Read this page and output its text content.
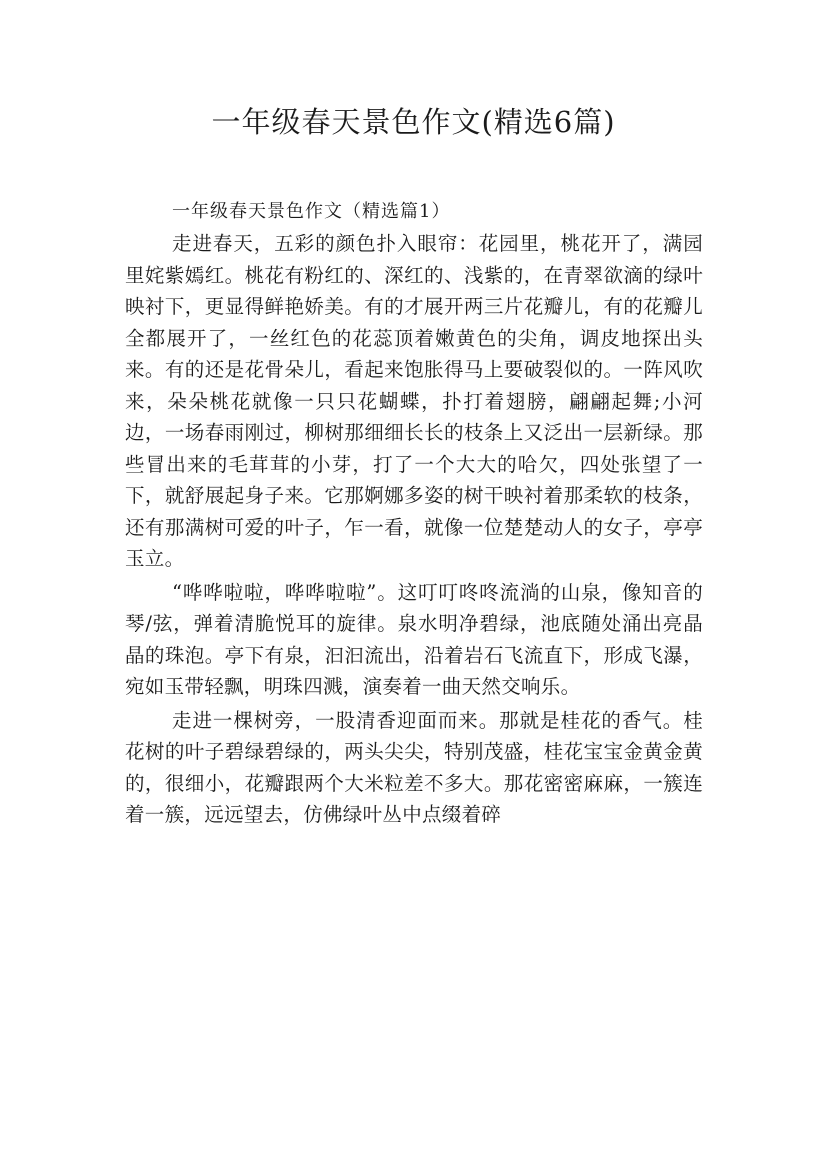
一年级春天景色作文(精选6篇)

一年级春天景色作文（精选篇1）

走进春天，五彩的颜色扑入眼帘：花园里，桃花开了，满园里姹紫嫣红。桃花有粉红的、深红的、浅紫的，在青翠欲滴的绿叶映衬下，更显得鲜艳娇美。有的才展开两三片花瓣儿，有的花瓣儿全都展开了，一丝红色的花蕊顶着嫩黄色的尖角，调皮地探出头来。有的还是花骨朵儿，看起来饱胀得马上要破裂似的。一阵风吹来，朵朵桃花就像一只只花蝴蝶，扑打着翅膀，翩翩起舞;小河边，一场春雨刚过，柳树那细细长长的枝条上又泛出一层新绿。那些冒出来的毛茸茸的小芽，打了一个大大的哈欠，四处张望了一下，就舒展起身子来。它那婀娜多姿的树干映衬着那柔软的枝条，还有那满树可爱的叶子，乍一看，就像一位楚楚动人的女子，亭亭玉立。

“哗哗啦啦，哗哗啦啦”。这叮叮咚咚流淌的山泉，像知音的琴/弦，弹着清脆悦耳的旋律。泉水明净碧绿，池底随处涌出亮晶晶的珠泡。亭下有泉，汩汩流出，沿着岩石飞流直下，形成飞瀑，宛如玉带轻飘，明珠四溅，演奏着一曲天然交响乐。

走进一棵树旁，一股清香迎面而来。那就是桂花的香气。桂花树的叶子碧绿碧绿的，两头尖尖，特别茂盛，桂花宝宝金黄金黄的，很细小，花瓣跟两个大米粒差不多大。那花密密麻麻，一簇连着一簇，远远望去，仿佛绿叶丛中点缀着碎
